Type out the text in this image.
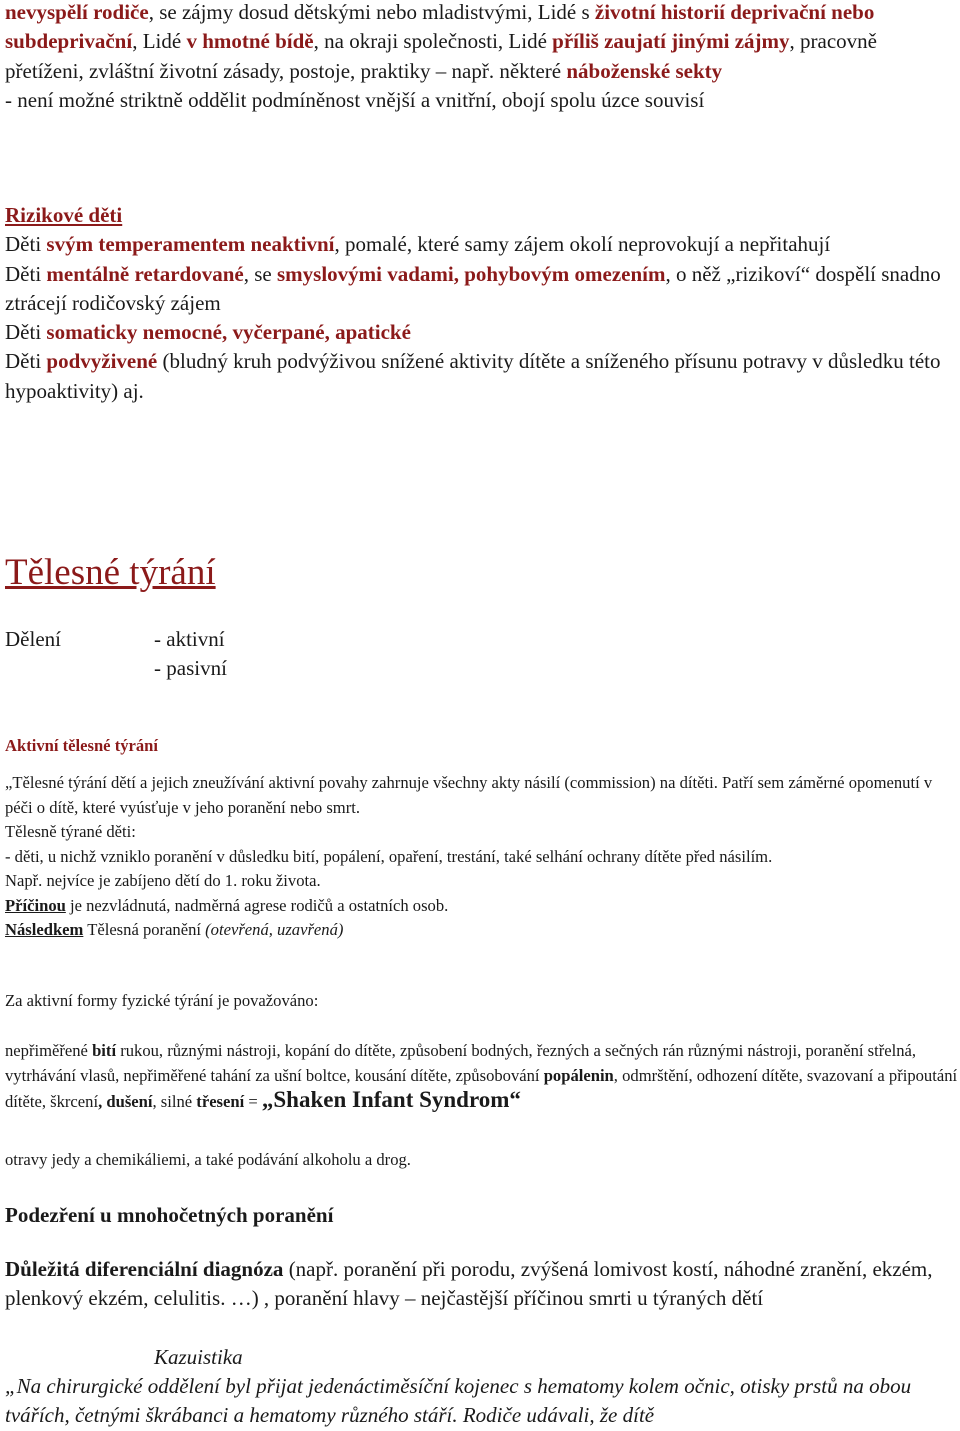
nevyspělí rodiče, se zájmy dosud dětskými nebo mladistvými, Lidé s životní historií deprivační nebo subdeprivační, Lidé v hmotné bídě, na okraji společnosti, Lidé příliš zaujatí jinými zájmy, pracovně přetíženi, zvláštní životní zásady, postoje, praktiky – např. některé náboženské sekty
- není možné striktně oddělit podmíněnost vnější a vnitřní, obojí spolu úzce souvisí
Rizikové děti
Děti svým temperamentem neaktivní, pomalé, které samy zájem okolí neprovokují a nepřitahují
Děti mentálně retardované, se smyslovými vadami, pohybovým omezením, o něž „rizikoví“ dospělí snadno ztrácejí rodičovský zájem
Děti somaticky nemocné, vyčerpané, apatické
Děti podvyživené (bludný kruh podvýživou snížené aktivity dítěte a sníženého přísunu potravy v důsledku této hypoaktivity) aj.
Tělesné týrání
Dělení	- aktivní
- pasivní
Aktivní tělesné týrání
„Tělesné týrání dětí a jejich zneužívání aktivní povahy zahrnuje všechny akty násilí (commission) na dítěti. Patří sem záměrné opomenutí v péči o dítě, které vyúsťuje v jeho poranění nebo smrt.
Tělesně týrané děti:
- děti, u nichž vzniklo poranění v důsledku bití, popálení, opaření, trestání, také selhání ochrany dítěte před násilím.
Např. nejvíce je zabíjeno dětí do 1. roku života.
Příčinou je nezvládnutá, nadměrná agrese rodičů a ostatních osob.
Následkem Tělesná poranění (otevřená, uzavřená)
Za aktivní formy fyzické týrání je považováno:
nepřiměřené bití rukou, různými nástroji, kopání do dítěte, způsobení bodných, řezných a sečných rán různými nástroji, poranění střelná, vytrhávání vlasů, nepřiměřené tahání za ušní boltce, kousání dítěte, způsobování popálenin, odmrštění, odhození dítěte, svazovaní a připoutání dítěte, škrcení, dušení, silné třesení = „Shaken Infant Syndrom“
otravy jedy a chemikáliemi, a také podávání alkoholu a drog.
Podezření u mnohočetných poranění
Důležitá diferenciální diagnóza (např. poranění při porodu, zvýšená lomivost kostí, náhodné zranění, ekzém, plenkový ekzém, celulitis. …) , poranění hlavy – nejčastější příčinou smrti u týraných dětí
Kazuistika
„Na chirurgické oddělení byl přijat jedenáctiměsíční kojenec s hematomy kolem očnic, otisky prstů na obou tvářích, četnými škrábanci a hematomy různého stáří. Rodiče udávali, že dítě
